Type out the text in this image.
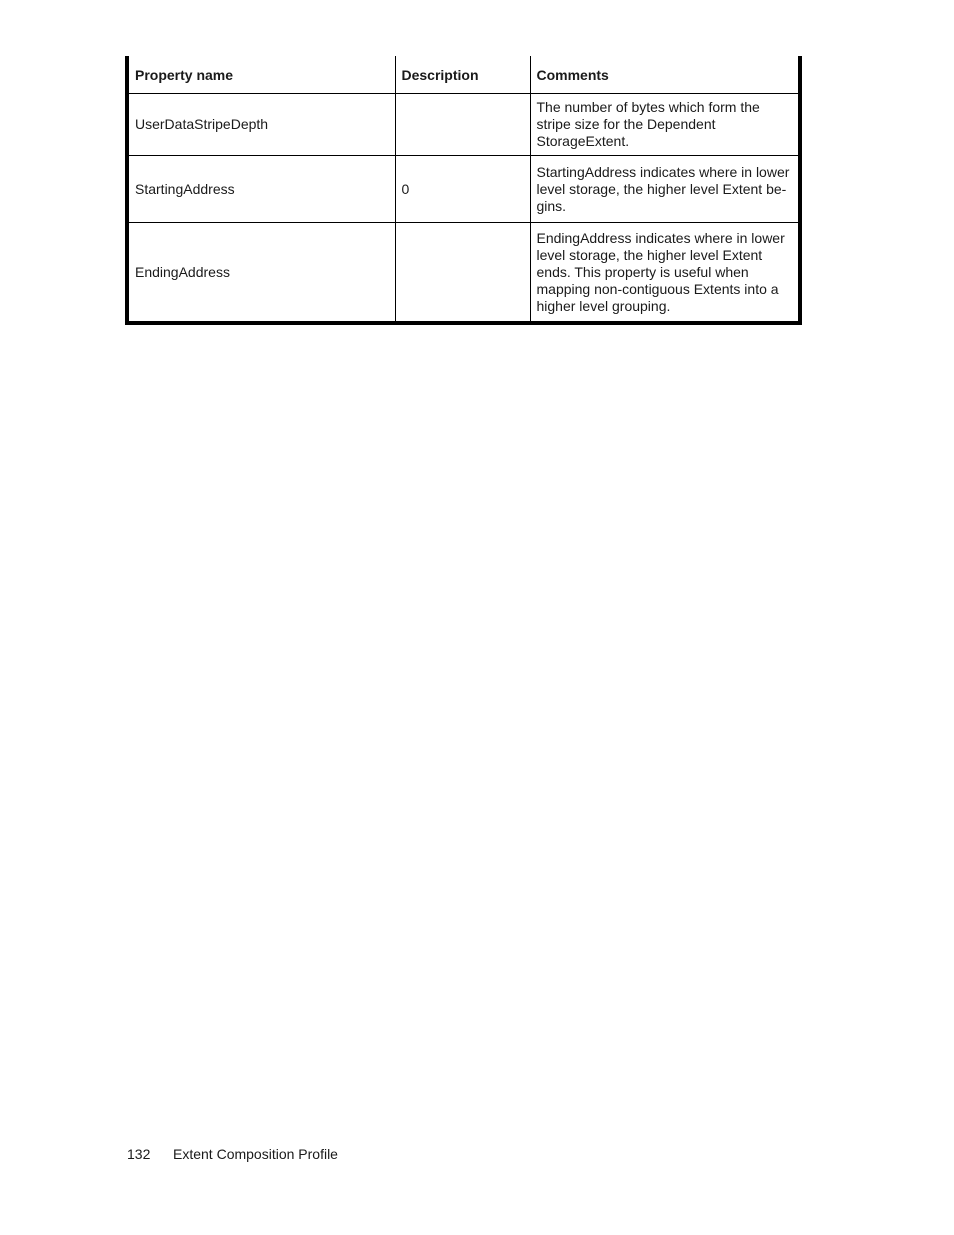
Property name	Description	Comments
UserDataStripeDepth		The number of bytes which form the stripe size for the Dependent StorageExtent.
StartingAddress	0	StartingAddress indicates where in lower level storage, the higher level Extent be-gins.
EndingAddress		EndingAddress indicates where in lower level storage, the higher level Extent ends. This property is useful when mapping non-contiguous Extents into a higher level grouping.
132 Extent Composition Profile
